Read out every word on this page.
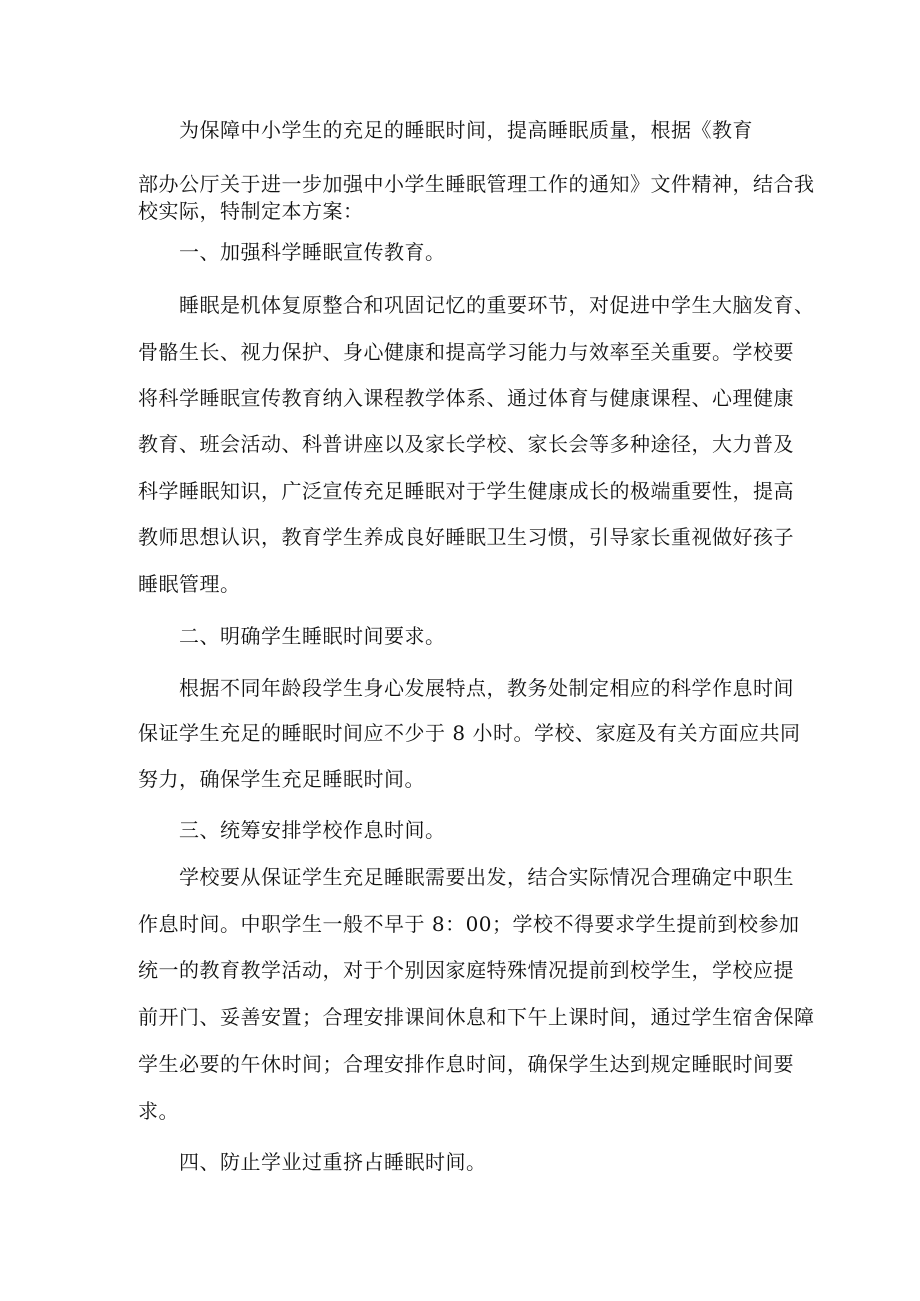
为保障中小学生的充足的睡眠时间，提高睡眠质量，根据《教育
部办公厅关于进一步加强中小学生睡眠管理工作的通知》文件精神，结合我
校实际，特制定本方案：
一、加强科学睡眠宣传教育。
睡眠是机体复原整合和巩固记忆的重要环节，对促进中学生大脑发育、
骨骼生长、视力保护、身心健康和提高学习能力与效率至关重要。学校要
将科学睡眠宣传教育纳入课程教学体系、通过体育与健康课程、心理健康
教育、班会活动、科普讲座以及家长学校、家长会等多种途径，大力普及
科学睡眠知识，广泛宣传充足睡眠对于学生健康成长的极端重要性，提高
教师思想认识，教育学生养成良好睡眠卫生习惯，引导家长重视做好孩子
睡眠管理。
二、明确学生睡眠时间要求。
根据不同年龄段学生身心发展特点，教务处制定相应的科学作息时间
保证学生充足的睡眠时间应不少于 8 小时。学校、家庭及有关方面应共同
努力，确保学生充足睡眠时间。
三、统筹安排学校作息时间。
学校要从保证学生充足睡眠需要出发，结合实际情况合理确定中职生
作息时间。中职学生一般不早于 8：00；学校不得要求学生提前到校参加
统一的教育教学活动，对于个别因家庭特殊情况提前到校学生，学校应提
前开门、妥善安置；合理安排课间休息和下午上课时间，通过学生宿舍保障
学生必要的午休时间；合理安排作息时间，确保学生达到规定睡眠时间要
求。
四、防止学业过重挤占睡眠时间。
